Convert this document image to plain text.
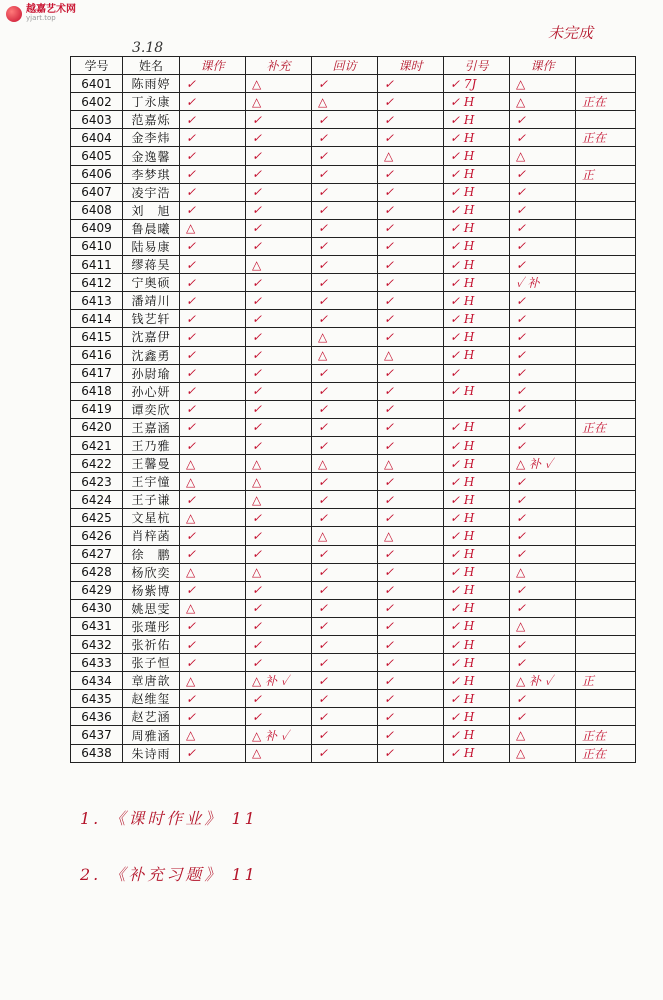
越嘉艺术网
yjart.top
未完成
3.18
学号	姓名	课作	补充	回访	课时	引号	课作	
6401	陈雨婷	✓	△	✓	✓	✓ 7J	△	
6402	丁永康	✓	△	△	✓	✓ H	△	正在
6403	范嘉烁	✓	✓	✓	✓	✓ H	✓	
6404	金李炜	✓	✓	✓	✓	✓ H	✓	正在
6405	金逸馨	✓	✓	✓	△	✓ H	△	
6406	李梦琪	✓	✓	✓	✓	✓ H	✓	正
6407	凌宇浩	✓	✓	✓	✓	✓ H	✓	
6408	刘　旭	✓	✓	✓	✓	✓ H	✓	
6409	鲁晨曦	△	✓	✓	✓	✓ H	✓	
6410	陆易康	✓	✓	✓	✓	✓ H	✓	
6411	缪蒋昊	✓	△	✓	✓	✓ H	✓	
6412	宁奥硕	✓	✓	✓	✓	✓ H	✓ 补	
6413	潘靖川	✓	✓	✓	✓	✓ H	✓	
6414	钱艺轩	✓	✓	✓	✓	✓ H	✓	
6415	沈嘉伊	✓	✓	△	✓	✓ H	✓	
6416	沈鑫勇	✓	✓	△	△	✓ H	✓	
6417	孙尉瑜	✓	✓	✓	✓	✓	✓	
6418	孙心妍	✓	✓	✓	✓	✓ H	✓	
6419	谭奕欣	✓	✓	✓	✓		✓	
6420	王嘉涵	✓	✓	✓	✓	✓ H	✓	正在
6421	王乃雅	✓	✓	✓	✓	✓ H	✓	
6422	王馨曼	△	△	△	△	✓ H	△ 补 ✓	
6423	王宇憧	△	△	✓	✓	✓ H	✓	
6424	王子谦	✓	△	✓	✓	✓ H	✓	
6425	文星杭	△	✓	✓	✓	✓ H	✓	
6426	肖梓菡	✓	✓	△	△	✓ H	✓	
6427	徐　鹏	✓	✓	✓	✓	✓ H	✓	
6428	杨欣奕	△	△	✓	✓	✓ H	△	
6429	杨紫博	✓	✓	✓	✓	✓ H	✓	
6430	姚思雯	△	✓	✓	✓	✓ H	✓	
6431	张瑾彤	✓	✓	✓	✓	✓ H	△	
6432	张祈佑	✓	✓	✓	✓	✓ H	✓	
6433	张子恒	✓	✓	✓	✓	✓ H	✓	
6434	章唐歆	△	△ 补 ✓	✓	✓	✓ H	△ 补 ✓	正
6435	赵维玺	✓	✓	✓	✓	✓ H	✓	
6436	赵艺涵	✓	✓	✓	✓	✓ H	✓	
6437	周雅涵	△	△ 补 ✓	✓	✓	✓ H	△	正在
6438	朱诗雨	✓	△	✓	✓	✓ H	△	正在
1. 《课时作业》 11
2. 《补充习题》 11
